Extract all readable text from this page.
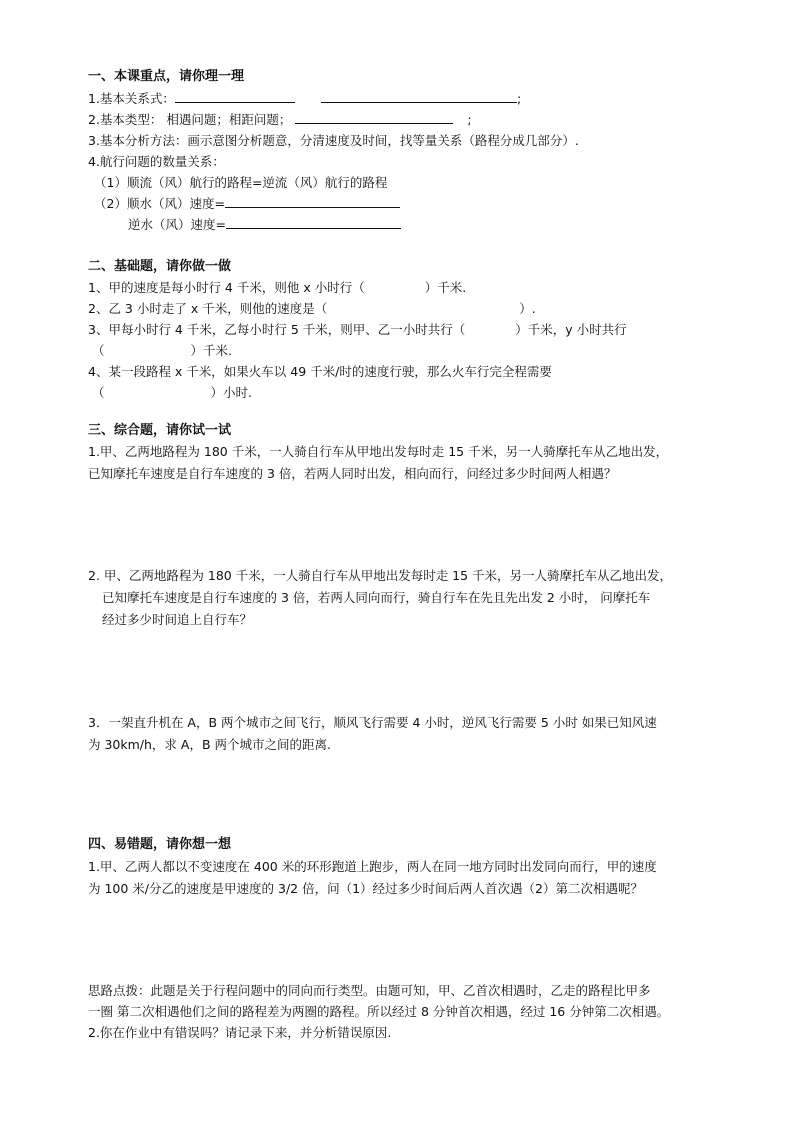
一、本课重点，请你理一理
1.基本关系式：	;
2.基本类型： 相遇问题；相距问题；	;
3.基本分析方法：画示意图分析题意，分清速度及时间，找等量关系（路程分成几部分）.
4.航行问题的数量关系：
（1）顺流（风）航行的路程=逆流（风）航行的路程
（2）顺水（风）速度=
逆水（风）速度=
二、基础题，请你做一做
1、甲的速度是每小时行 4 千米，则他 x 小时行（	）千米.
2、乙 3 小时走了 x 千米，则他的速度是（	）.
3、甲每小时行 4 千米，乙每小时行 5 千米，则甲、乙一小时共行（	）千米，y 小时共行
（	）千米.
4、某一段路程 x 千米，如果火车以 49 千米/时的速度行驶，那么火车行完全程需要
（	）小时.
三、综合题，请你试一试
1.甲、乙两地路程为 180 千米，一人骑自行车从甲地出发每时走 15 千米，另一人骑摩托车从乙地出发，
已知摩托车速度是自行车速度的 3 倍，若两人同时出发，相向而行，问经过多少时间两人相遇？
2. 甲、乙两地路程为 180 千米，一人骑自行车从甲地出发每时走 15 千米，另一人骑摩托车从乙地出发，
已知摩托车速度是自行车速度的 3 倍，若两人同向而行，骑自行车在先且先出发 2 小时， 问摩托车
经过多少时间追上自行车？
3．一架直升机在 A，B 两个城市之间飞行，顺风飞行需要 4 小时，逆风飞行需要 5 小时 如果已知风速
为 30km/h，求 A，B 两个城市之间的距离.
四、易错题，请你想一想
1.甲、乙两人都以不变速度在 400 米的环形跑道上跑步，两人在同一地方同时出发同向而行，甲的速度
为 100 米/分乙的速度是甲速度的 3/2 倍，问（1）经过多少时间后两人首次遇（2）第二次相遇呢？
思路点拨：此题是关于行程问题中的同向而行类型。由题可知，甲、乙首次相遇时，乙走的路程比甲多
一圈 第二次相遇他们之间的路程差为两圈的路程。所以经过 8 分钟首次相遇，经过 16 分钟第二次相遇。
2.你在作业中有错误吗？请记录下来，并分析错误原因.
